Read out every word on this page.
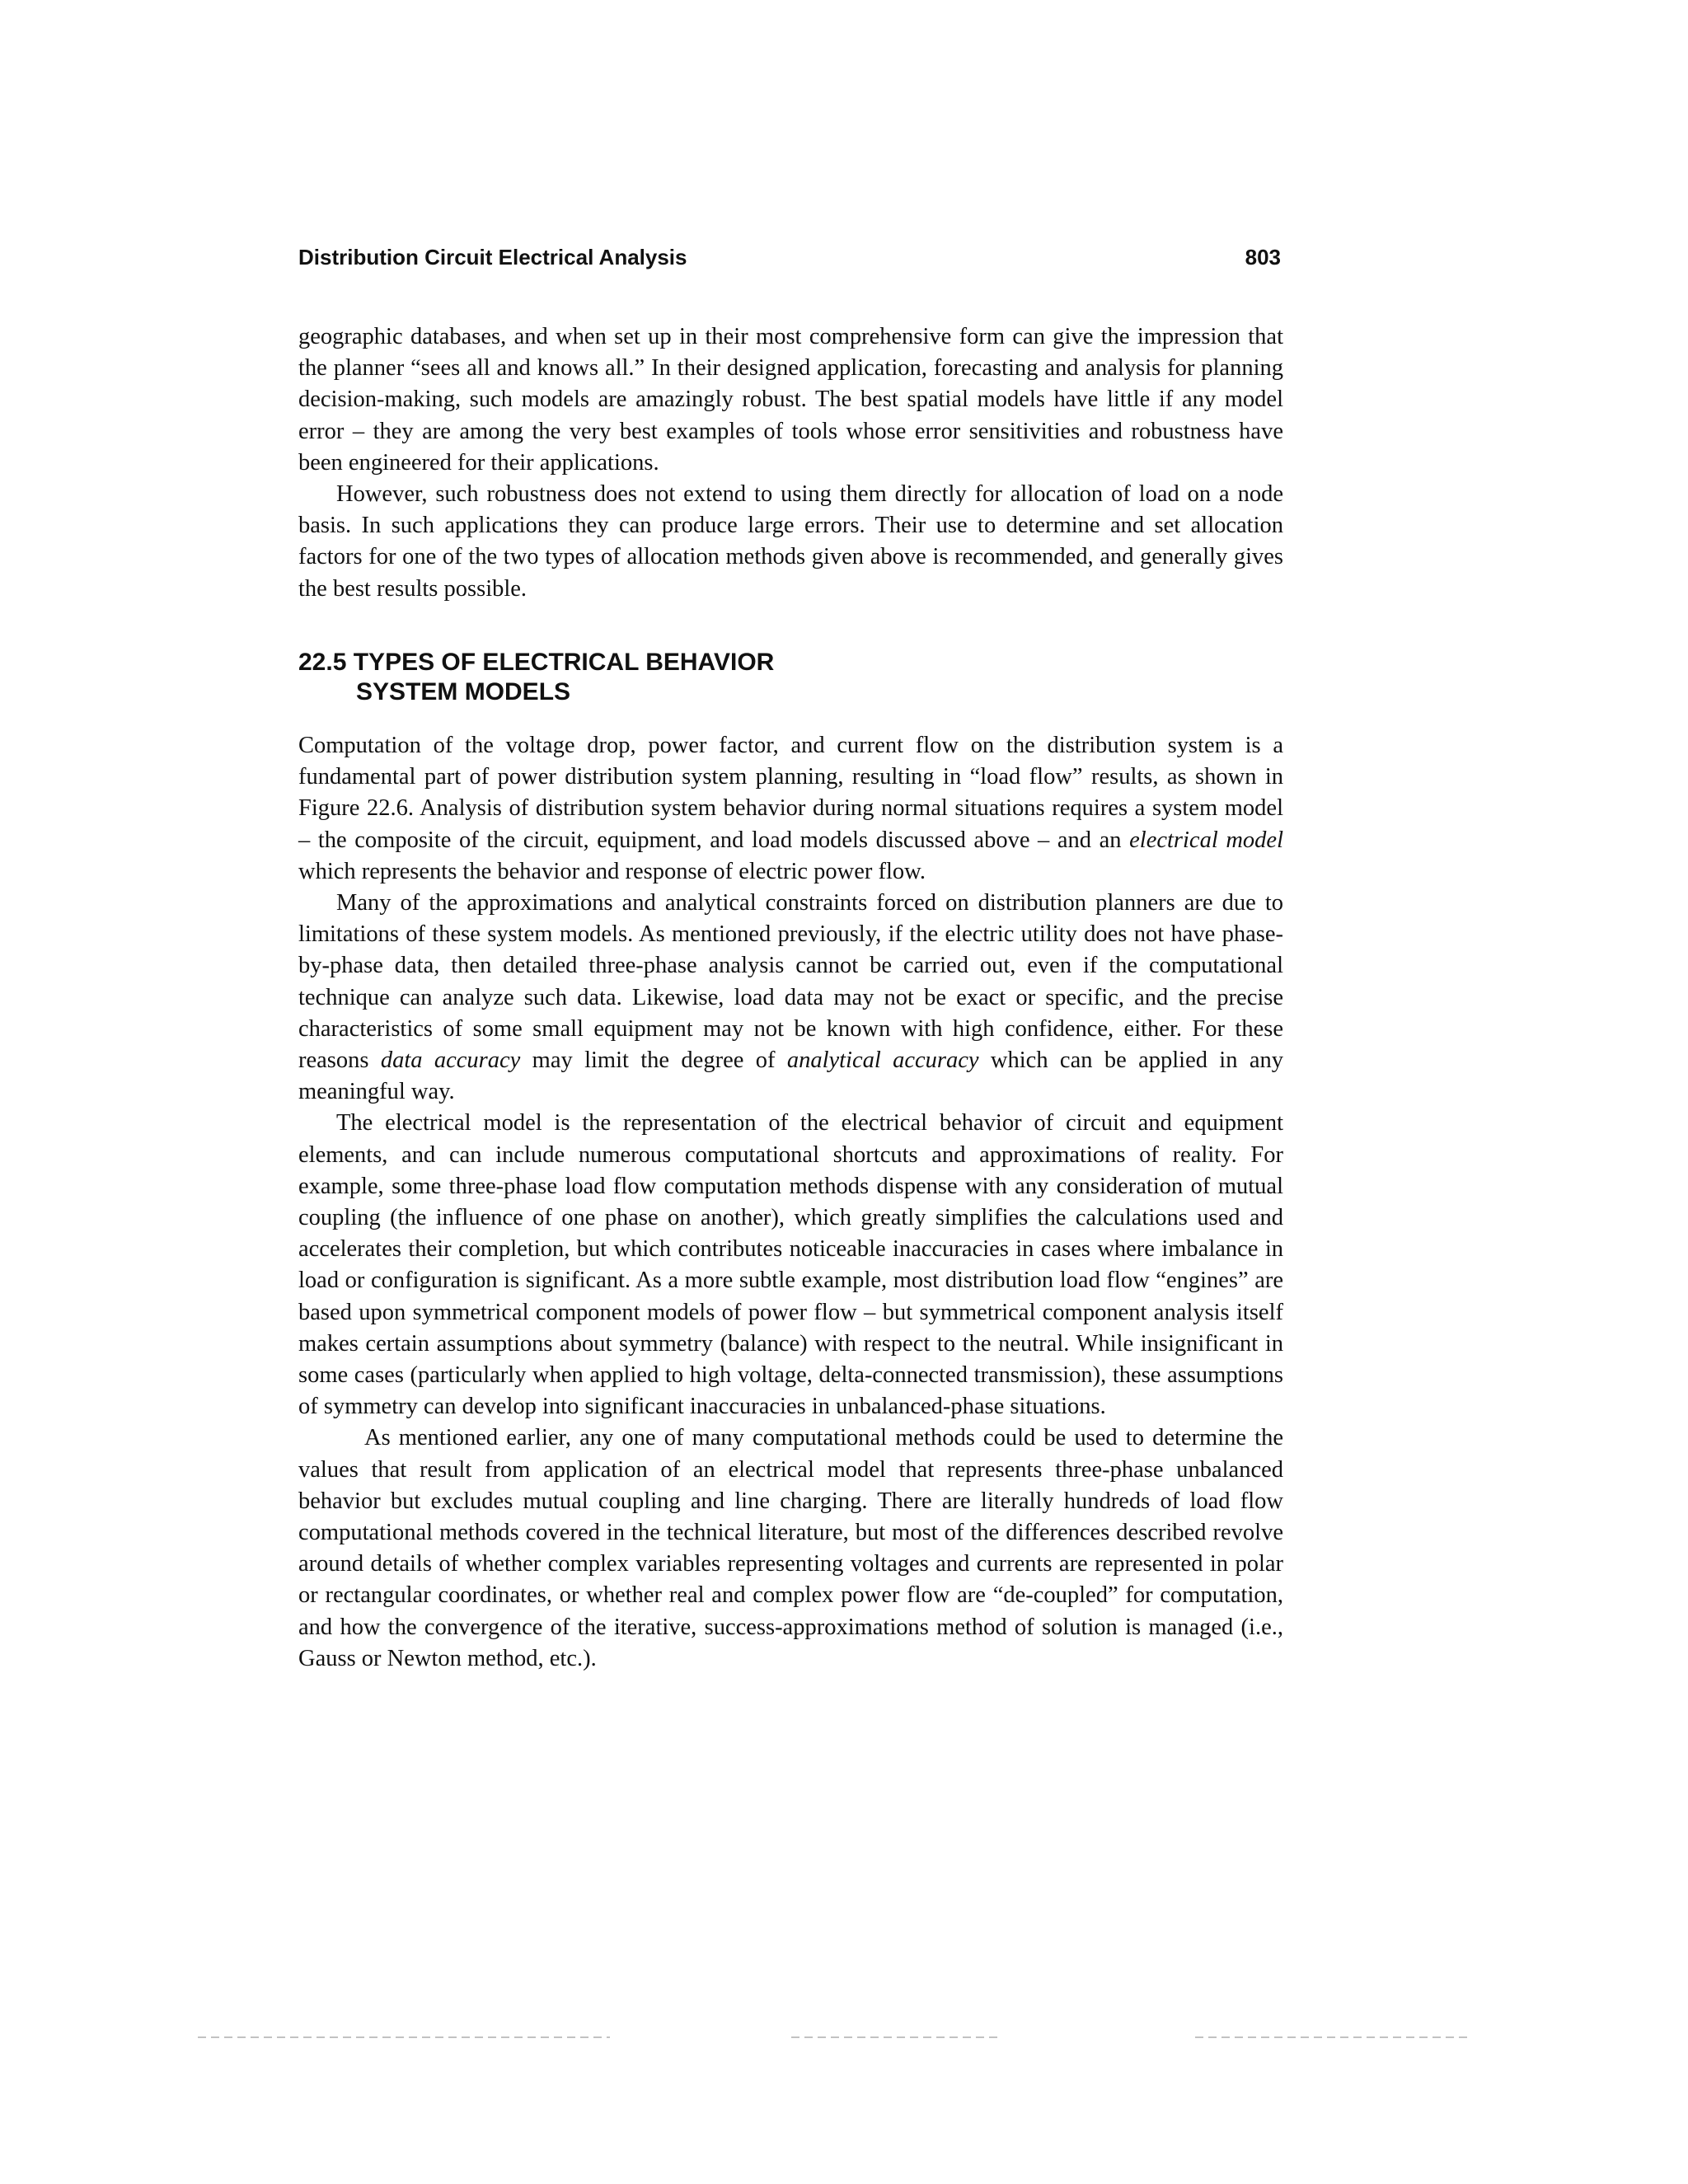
Distribution Circuit Electrical Analysis	803

geographic databases, and when set up in their most comprehensive form can give the impression that the planner “sees all and knows all.” In their designed application, forecasting and analysis for planning decision-making, such models are amazingly robust. The best spatial models have little if any model error – they are among the very best examples of tools whose error sensitivities and robustness have been engineered for their applications.

However, such robustness does not extend to using them directly for allocation of load on a node basis. In such applications they can produce large errors. Their use to determine and set allocation factors for one of the two types of allocation methods given above is recommended, and generally gives the best results possible.

22.5 TYPES OF ELECTRICAL BEHAVIOR
SYSTEM MODELS

Computation of the voltage drop, power factor, and current flow on the distribution system is a fundamental part of power distribution system planning, resulting in “load flow” results, as shown in Figure 22.6. Analysis of distribution system behavior during normal situations requires a system model – the composite of the circuit, equipment, and load models discussed above – and an electrical model which represents the behavior and response of electric power flow.

Many of the approximations and analytical constraints forced on distribution planners are due to limitations of these system models. As mentioned previously, if the electric utility does not have phase-by-phase data, then detailed three-phase analysis cannot be carried out, even if the computational technique can analyze such data. Likewise, load data may not be exact or specific, and the precise characteristics of some small equipment may not be known with high confidence, either. For these reasons data accuracy may limit the degree of analytical accuracy which can be applied in any meaningful way.

The electrical model is the representation of the electrical behavior of circuit and equipment elements, and can include numerous computational shortcuts and approximations of reality. For example, some three-phase load flow computation methods dispense with any consideration of mutual coupling (the influence of one phase on another), which greatly simplifies the calculations used and accelerates their completion, but which contributes noticeable inaccuracies in cases where imbalance in load or configuration is significant. As a more subtle example, most distribution load flow “engines” are based upon symmetrical component models of power flow – but symmetrical component analysis itself makes certain assumptions about symmetry (balance) with respect to the neutral. While insignificant in some cases (particularly when applied to high voltage, delta-connected transmission), these assumptions of symmetry can develop into significant inaccuracies in unbalanced-phase situations.

As mentioned earlier, any one of many computational methods could be used to determine the values that result from application of an electrical model that represents three-phase unbalanced behavior but excludes mutual coupling and line charging. There are literally hundreds of load flow computational methods covered in the technical literature, but most of the differences described revolve around details of whether complex variables representing voltages and currents are represented in polar or rectangular coordinates, or whether real and complex power flow are “de-coupled” for computation, and how the convergence of the iterative, success-approximations method of solution is managed (i.e., Gauss or Newton method, etc.).
